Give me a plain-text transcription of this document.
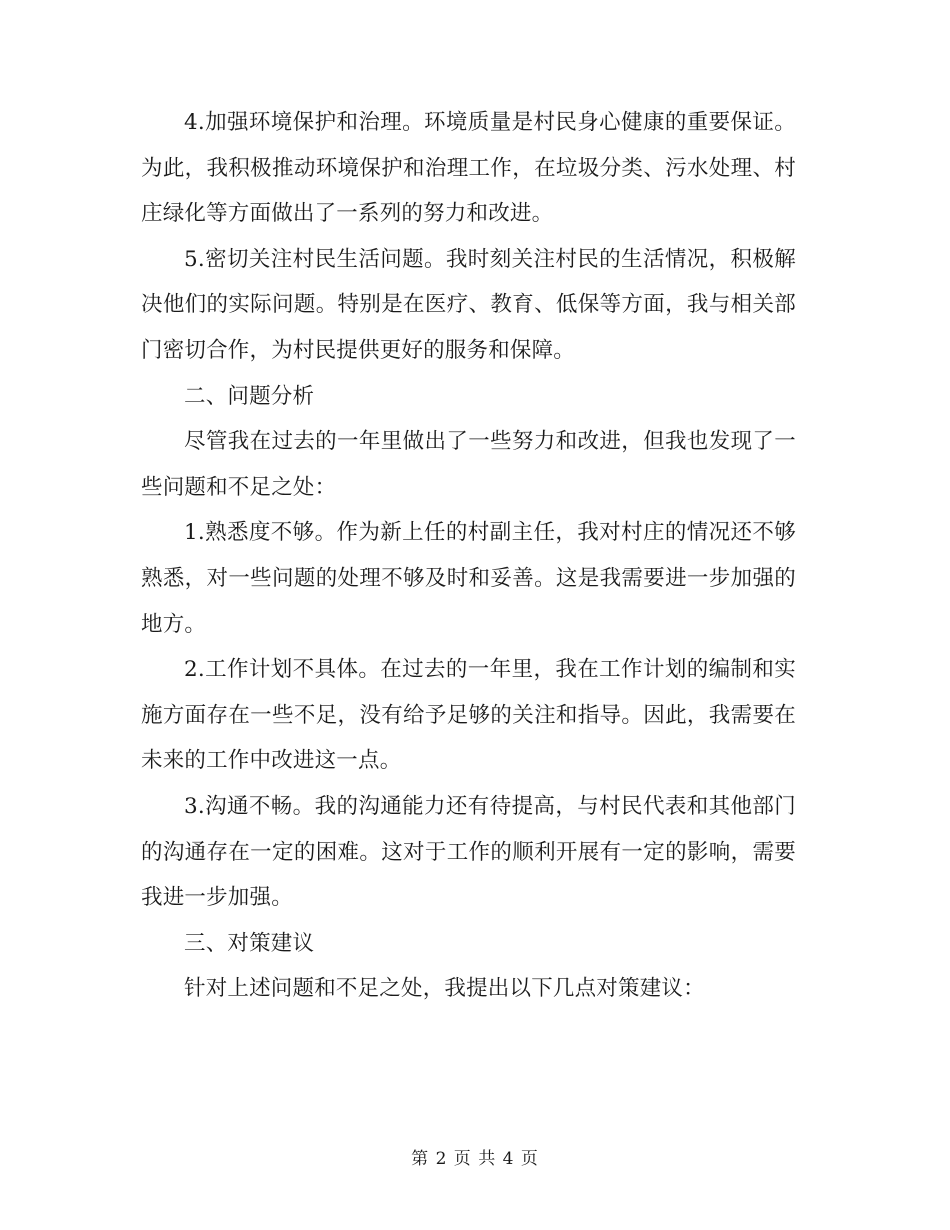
4.加强环境保护和治理。环境质量是村民身心健康的重要保证。为此，我积极推动环境保护和治理工作，在垃圾分类、污水处理、村庄绿化等方面做出了一系列的努力和改进。

5.密切关注村民生活问题。我时刻关注村民的生活情况，积极解决他们的实际问题。特别是在医疗、教育、低保等方面，我与相关部门密切合作，为村民提供更好的服务和保障。

二、问题分析

尽管我在过去的一年里做出了一些努力和改进，但我也发现了一些问题和不足之处：

1.熟悉度不够。作为新上任的村副主任，我对村庄的情况还不够熟悉，对一些问题的处理不够及时和妥善。这是我需要进一步加强的地方。

2.工作计划不具体。在过去的一年里，我在工作计划的编制和实施方面存在一些不足，没有给予足够的关注和指导。因此，我需要在未来的工作中改进这一点。

3.沟通不畅。我的沟通能力还有待提高，与村民代表和其他部门的沟通存在一定的困难。这对于工作的顺利开展有一定的影响，需要我进一步加强。

三、对策建议

针对上述问题和不足之处，我提出以下几点对策建议：

第 2 页 共 4 页
